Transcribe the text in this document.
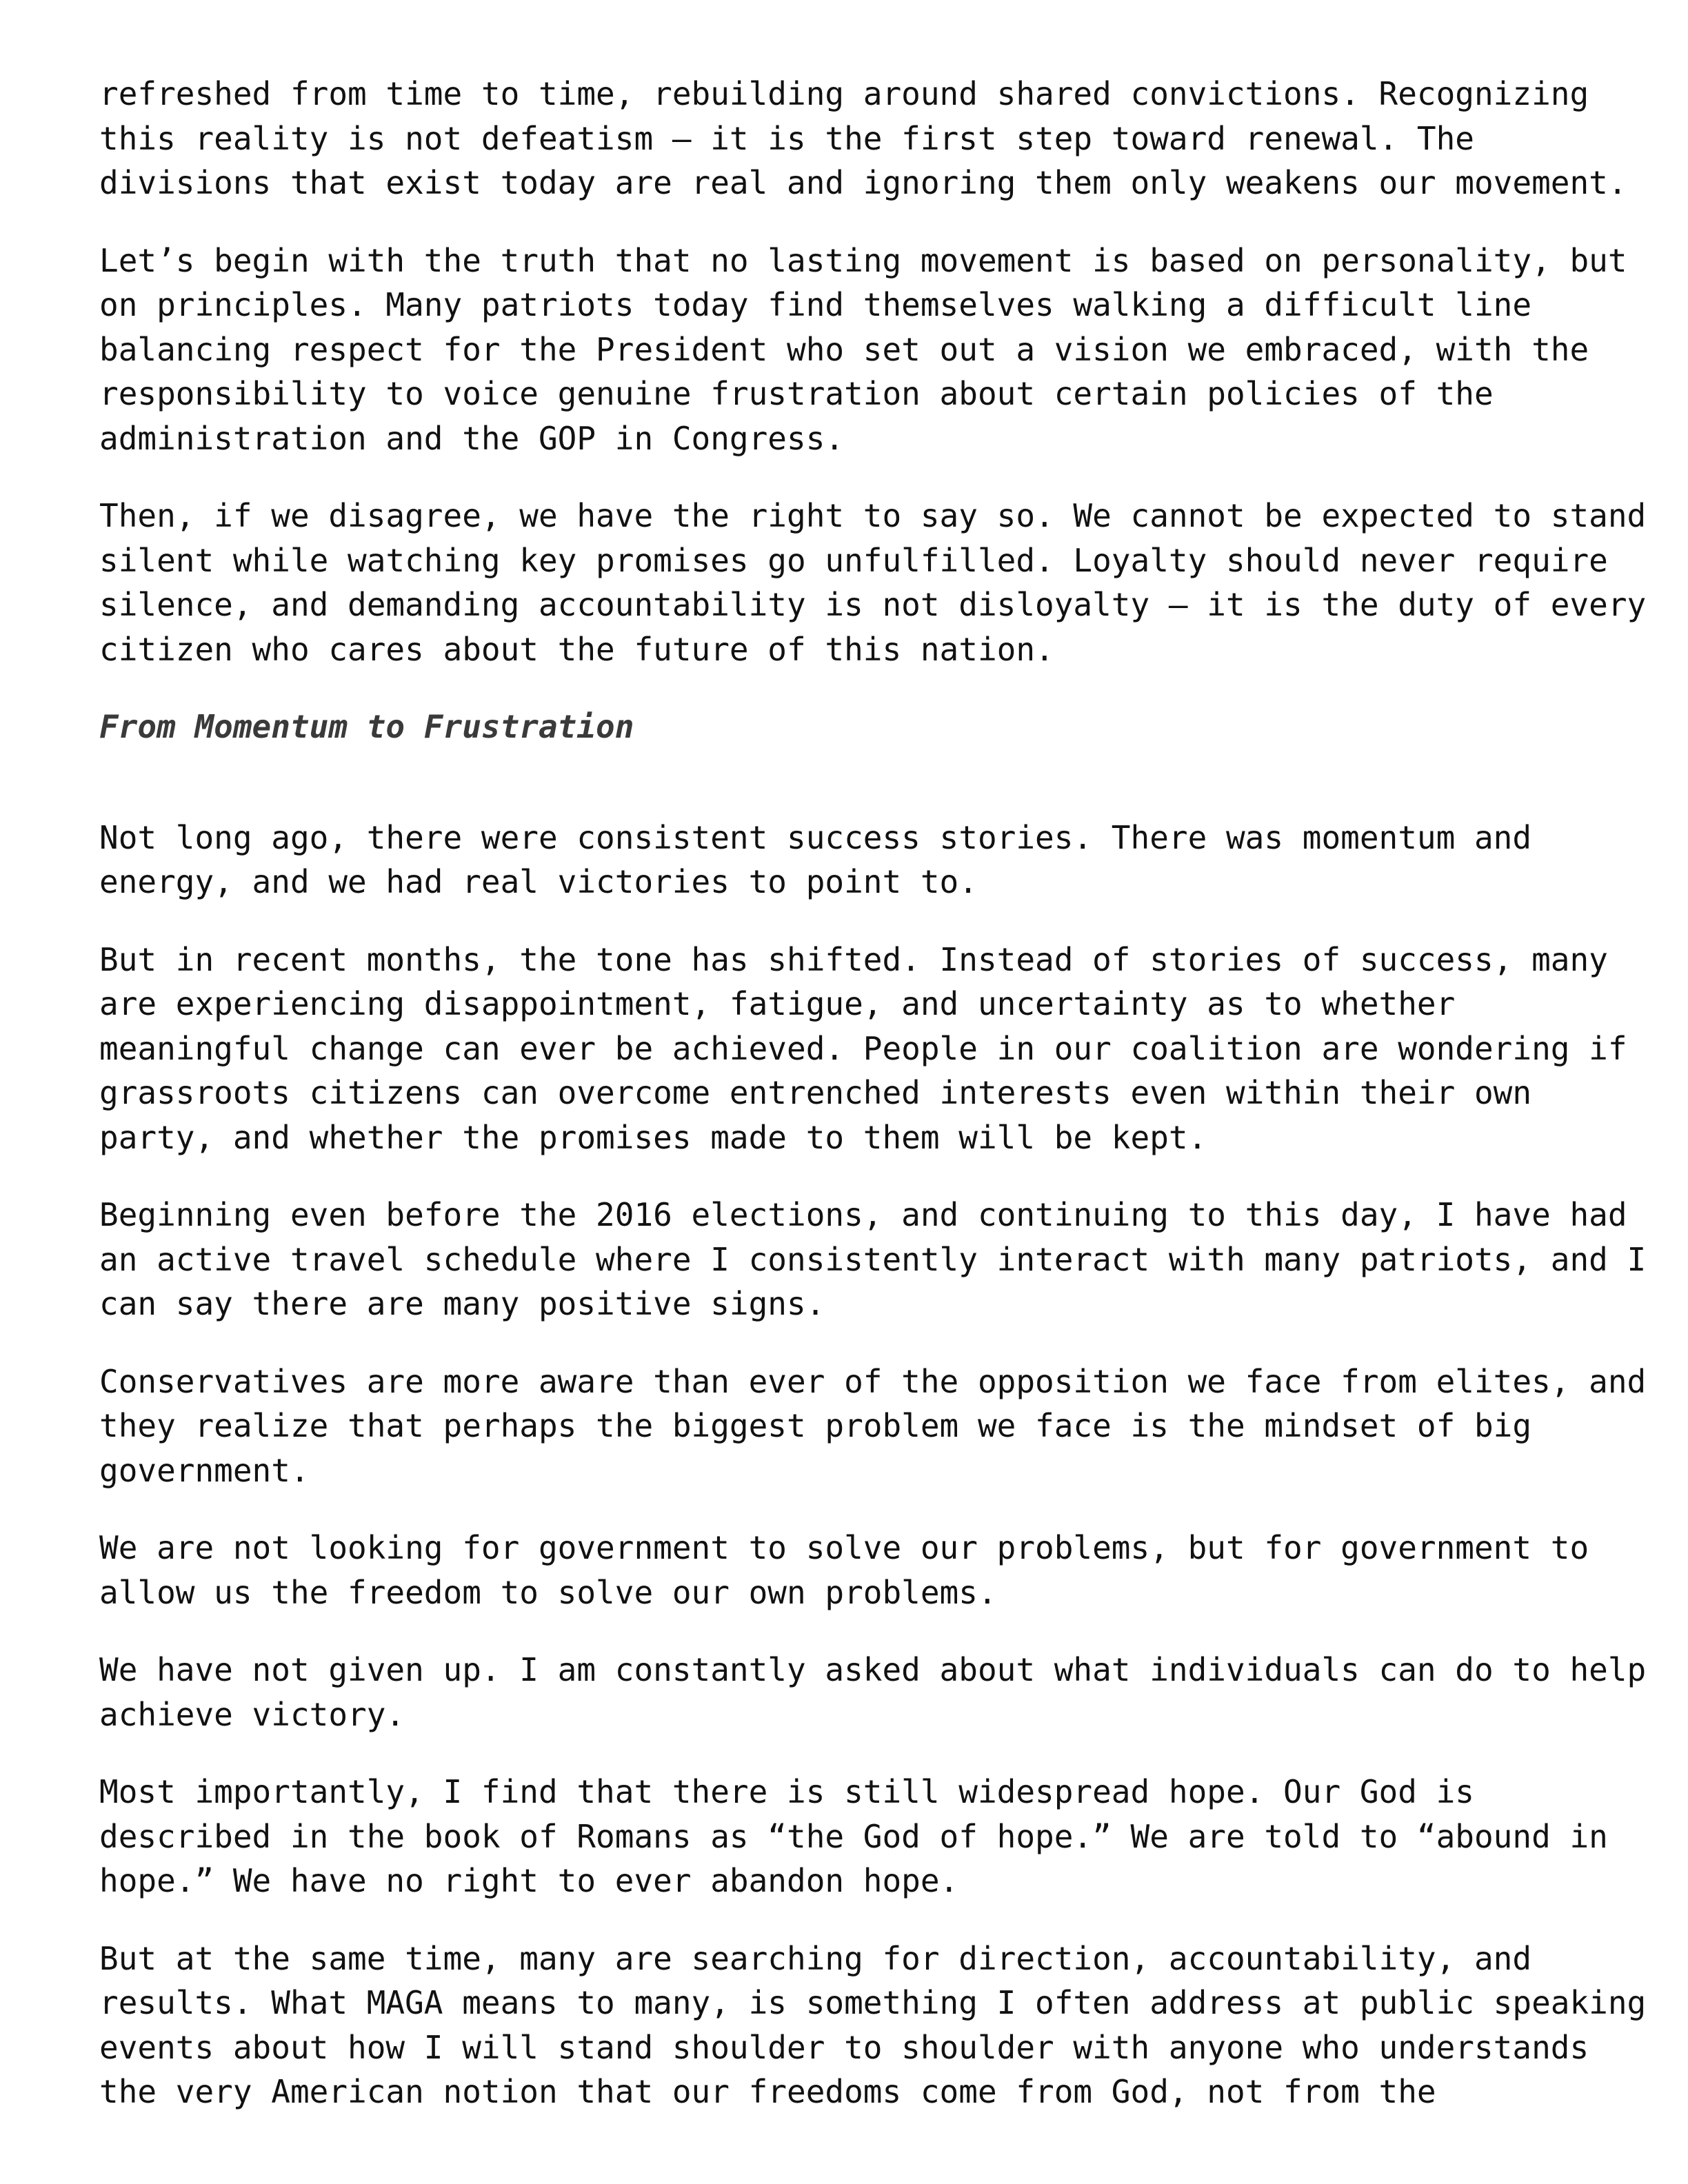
refreshed from time to time, rebuilding around shared convictions. Recognizing
this reality is not defeatism — it is the first step toward renewal. The
divisions that exist today are real and ignoring them only weakens our movement.
Let’s begin with the truth that no lasting movement is based on personality, but
on principles. Many patriots today find themselves walking a difficult line
balancing respect for the President who set out a vision we embraced, with the
responsibility to voice genuine frustration about certain policies of the
administration and the GOP in Congress.
Then, if we disagree, we have the right to say so. We cannot be expected to stand
silent while watching key promises go unfulfilled. Loyalty should never require
silence, and demanding accountability is not disloyalty — it is the duty of every
citizen who cares about the future of this nation.
From Momentum to Frustration
Not long ago, there were consistent success stories. There was momentum and
energy, and we had real victories to point to.
But in recent months, the tone has shifted. Instead of stories of success, many
are experiencing disappointment, fatigue, and uncertainty as to whether
meaningful change can ever be achieved. People in our coalition are wondering if
grassroots citizens can overcome entrenched interests even within their own
party, and whether the promises made to them will be kept.
Beginning even before the 2016 elections, and continuing to this day, I have had
an active travel schedule where I consistently interact with many patriots, and I
can say there are many positive signs.
Conservatives are more aware than ever of the opposition we face from elites, and
they realize that perhaps the biggest problem we face is the mindset of big
government.
We are not looking for government to solve our problems, but for government to
allow us the freedom to solve our own problems.
We have not given up. I am constantly asked about what individuals can do to help
achieve victory.
Most importantly, I find that there is still widespread hope. Our God is
described in the book of Romans as “the God of hope.” We are told to “abound in
hope.” We have no right to ever abandon hope.
But at the same time, many are searching for direction, accountability, and
results. What MAGA means to many, is something I often address at public speaking
events about how I will stand shoulder to shoulder with anyone who understands
the very American notion that our freedoms come from God, not from the
